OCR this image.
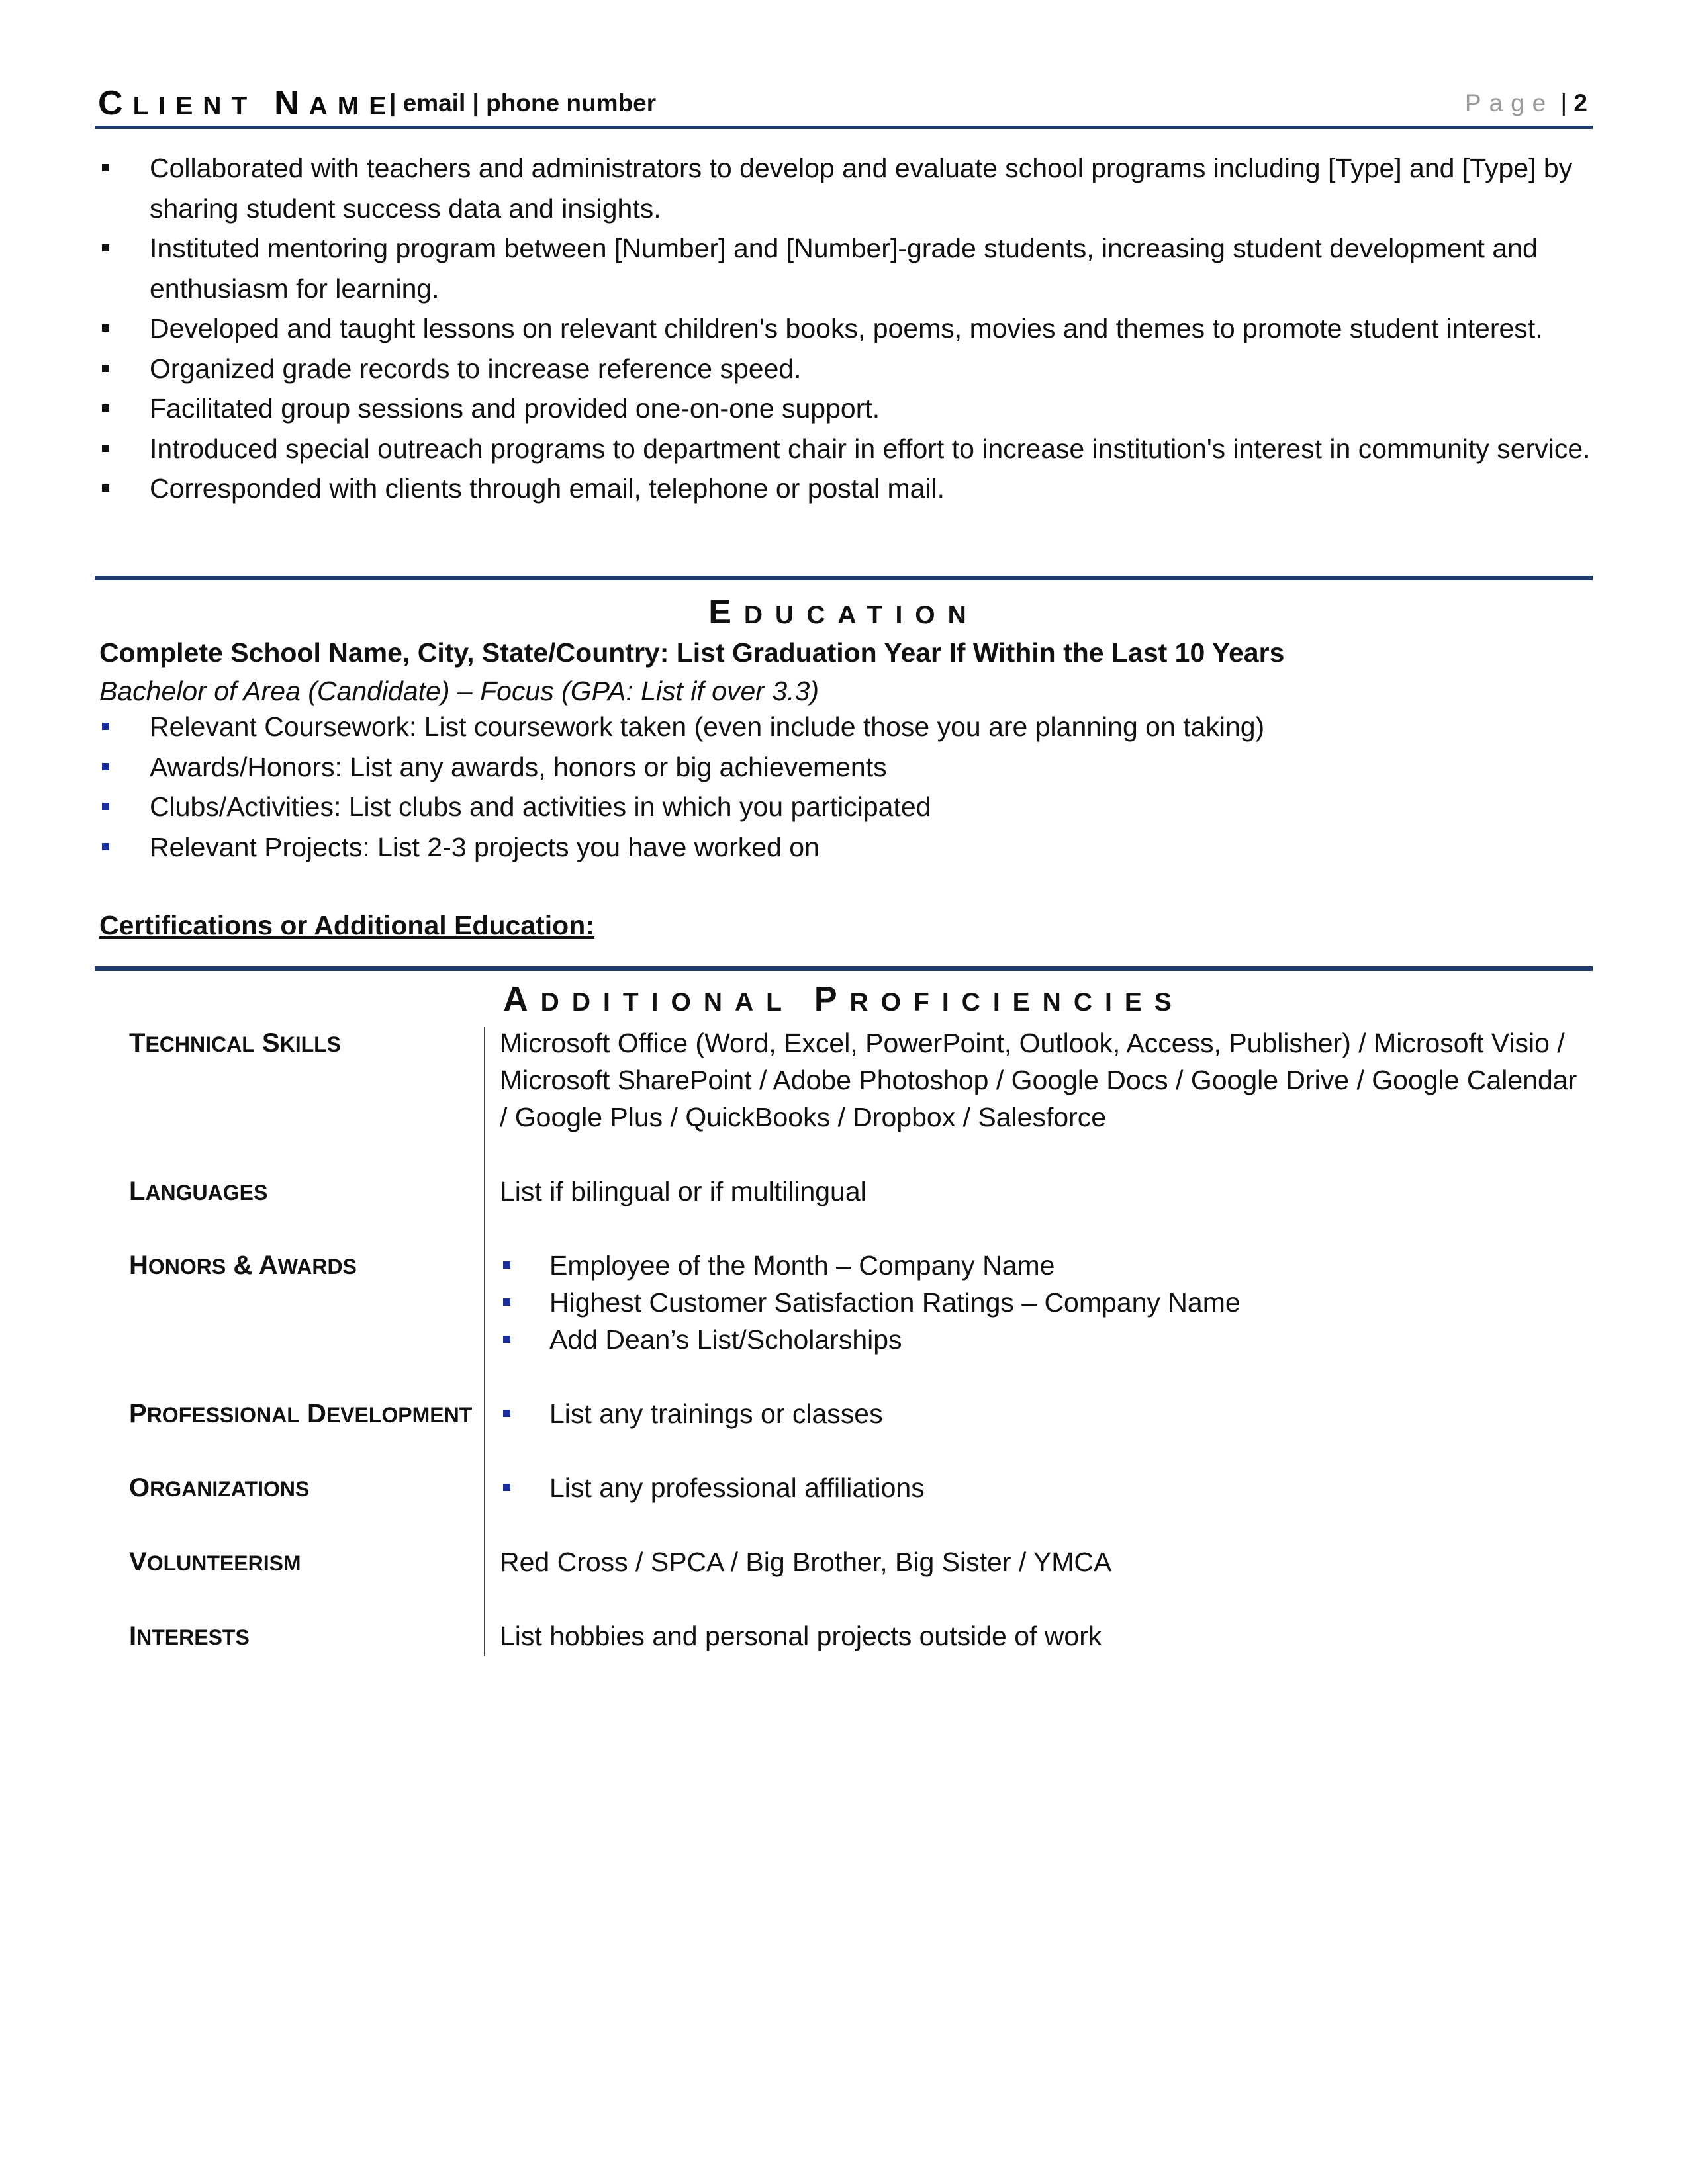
CLIENT NAME
| email | phone number	Page | 2
Collaborated with teachers and administrators to develop and evaluate school programs including [Type] and [Type] by sharing student success data and insights.
Instituted mentoring program between [Number] and [Number]-grade students, increasing student development and enthusiasm for learning.
Developed and taught lessons on relevant children's books, poems, movies and themes to promote student interest.
Organized grade records to increase reference speed.
Facilitated group sessions and provided one-on-one support.
Introduced special outreach programs to department chair in effort to increase institution's interest in community service.
Corresponded with clients through email, telephone or postal mail.
EDUCATION
Complete School Name, City, State/Country: List Graduation Year If Within the Last 10 Years
Bachelor of Area (Candidate) – Focus (GPA: List if over 3.3)
Relevant Coursework: List coursework taken (even include those you are planning on taking)
Awards/Honors: List any awards, honors or big achievements
Clubs/Activities: List clubs and activities in which you participated
Relevant Projects: List 2-3 projects you have worked on
Certifications or Additional Education:
ADDITIONAL PROFICIENCIES
TECHNICAL SKILLS	Microsoft Office (Word, Excel, PowerPoint, Outlook, Access, Publisher) / Microsoft Visio / Microsoft SharePoint / Adobe Photoshop / Google Docs / Google Drive / Google Calendar / Google Plus / QuickBooks / Dropbox / Salesforce
LANGUAGES	List if bilingual or if multilingual
HONORS & AWARDS	Employee of the Month – Company Name
Highest Customer Satisfaction Ratings – Company Name
Add Dean’s List/Scholarships
PROFESSIONAL DEVELOPMENT	List any trainings or classes
ORGANIZATIONS	List any professional affiliations
VOLUNTEERISM	Red Cross / SPCA / Big Brother, Big Sister / YMCA
INTERESTS	List hobbies and personal projects outside of work
